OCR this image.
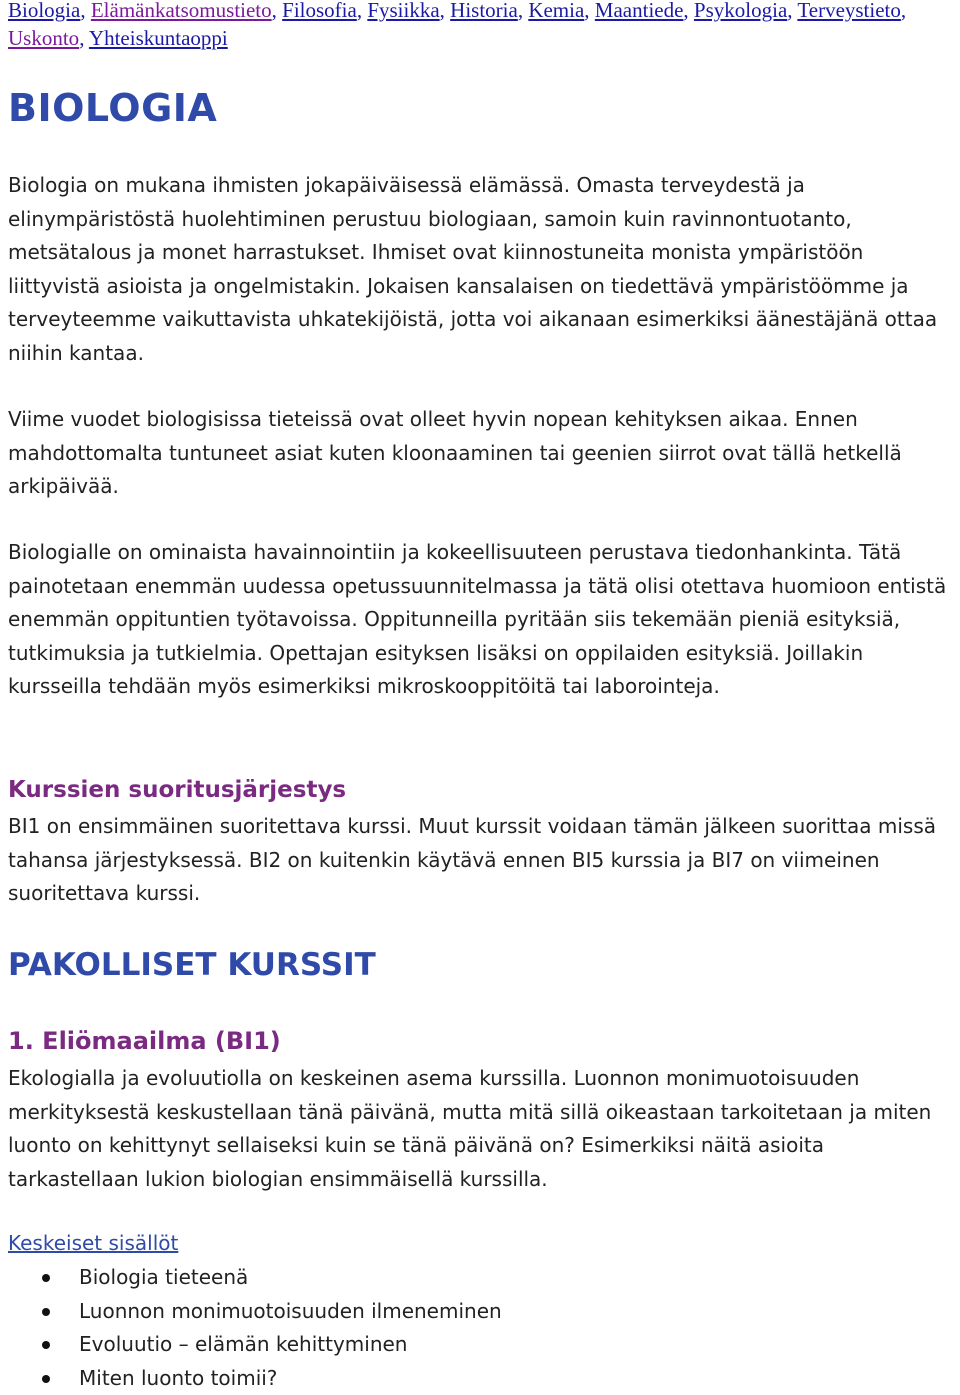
Biologia, Elämänkatsomustieto, Filosofia, Fysiikka, Historia, Kemia, Maantiede, Psykologia, Terveystieto, Uskonto, Yhteiskuntaoppi
BIOLOGIA

Biologia on mukana ihmisten jokapäiväisessä elämässä. Omasta terveydestä ja elinympäristöstä huolehtiminen perustuu biologiaan, samoin kuin ravinnontuotanto, metsätalous ja monet harrastukset. Ihmiset ovat kiinnostuneita monista ympäristöön liittyvistä asioista ja ongelmistakin. Jokaisen kansalaisen on tiedettävä ympäristöömme ja terveyteemme vaikuttavista uhkatekijöistä, jotta voi aikanaan esimerkiksi äänestäjänä ottaa niihin kantaa.

Viime vuodet biologisissa tieteissä ovat olleet hyvin nopean kehityksen aikaa. Ennen mahdottomalta tuntuneet asiat kuten kloonaaminen tai geenien siirrot ovat tällä hetkellä arkipäivää.

Biologialle on ominaista havainnointiin ja kokeellisuuteen perustava tiedonhankinta. Tätä painotetaan enemmän uudessa opetussuunnitelmassa ja tätä olisi otettava huomioon entistä enemmän oppituntien työtavoissa. Oppitunneilla pyritään siis tekemään pieniä esityksiä, tutkimuksia ja tutkielmia. Opettajan esityksen lisäksi on oppilaiden esityksiä. Joillakin kursseilla tehdään myös esimerkiksi mikroskooppitöitä tai laborointeja.

Kurssien suoritusjärjestys

BI1 on ensimmäinen suoritettava kurssi. Muut kurssit voidaan tämän jälkeen suorittaa missä tahansa järjestyksessä. BI2 on kuitenkin käytävä ennen BI5 kurssia ja BI7 on viimeinen suoritettava kurssi.

PAKOLLISET KURSSIT
1. Eliömaailma (BI1)

Ekologialla ja evoluutiolla on keskeinen asema kurssilla. Luonnon monimuotoisuuden merkityksestä keskustellaan tänä päivänä, mutta mitä sillä oikeastaan tarkoitetaan ja miten luonto on kehittynyt sellaiseksi kuin se tänä päivänä on? Esimerkiksi näitä asioita tarkastellaan lukion biologian ensimmäisellä kurssilla.

Keskeiset sisällöt
Biologia tieteenä
Luonnon monimuotoisuuden ilmeneminen
Evoluutio – elämän kehittyminen
Miten luonto toimii?
